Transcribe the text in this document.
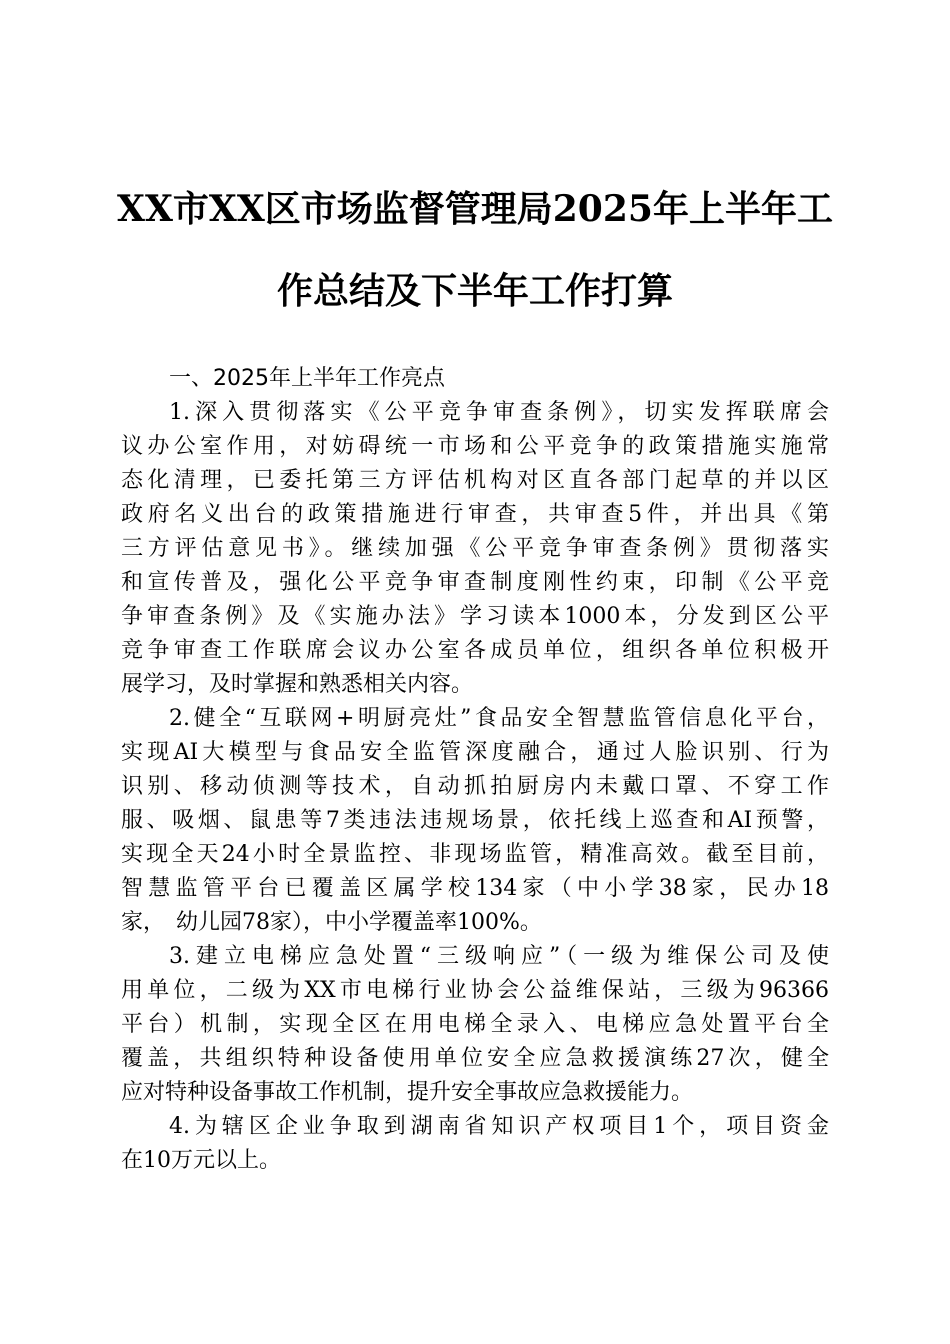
XX市XX区市场监督管理局2025年上半年工
作总结及下半年工作打算

一、2025年上半年工作亮点

1.深入贯彻落实《公平竞争审查条例》，切实发挥联席会
议办公室作用，对妨碍统一市场和公平竞争的政策措施实施常
态化清理，已委托第三方评估机构对区直各部门起草的并以区
政府名义出台的政策措施进行审查，共审查5件，并出具《第
三方评估意见书》。继续加强《公平竞争审查条例》贯彻落实
和宣传普及，强化公平竞争审查制度刚性约束，印制《公平竞
争审查条例》及《实施办法》学习读本1000本，分发到区公平
竞争审查工作联席会议办公室各成员单位，组织各单位积极开
展学习，及时掌握和熟悉相关内容。

2.健全“互联网+明厨亮灶”食品安全智慧监管信息化平台，
实现AI大模型与食品安全监管深度融合，通过人脸识别、行为
识别、移动侦测等技术，自动抓拍厨房内未戴口罩、不穿工作
服、吸烟、鼠患等7类违法违规场景，依托线上巡查和AI预警，
实现全天24小时全景监控、非现场监管，精准高效。截至目前，
智慧监管平台已覆盖区属学校134家（中小学38家，民办18
家，　幼儿园78家），中小学覆盖率100%。

3.建立电梯应急处置“三级响应”（一级为维保公司及使
用单位，二级为XX市电梯行业协会公益维保站，三级为96366
平台）机制，实现全区在用电梯全录入、电梯应急处置平台全
覆盖，共组织特种设备使用单位安全应急救援演练27次，健全
应对特种设备事故工作机制，提升安全事故应急救援能力。

4.为辖区企业争取到湖南省知识产权项目1个，项目资金
在10万元以上。
